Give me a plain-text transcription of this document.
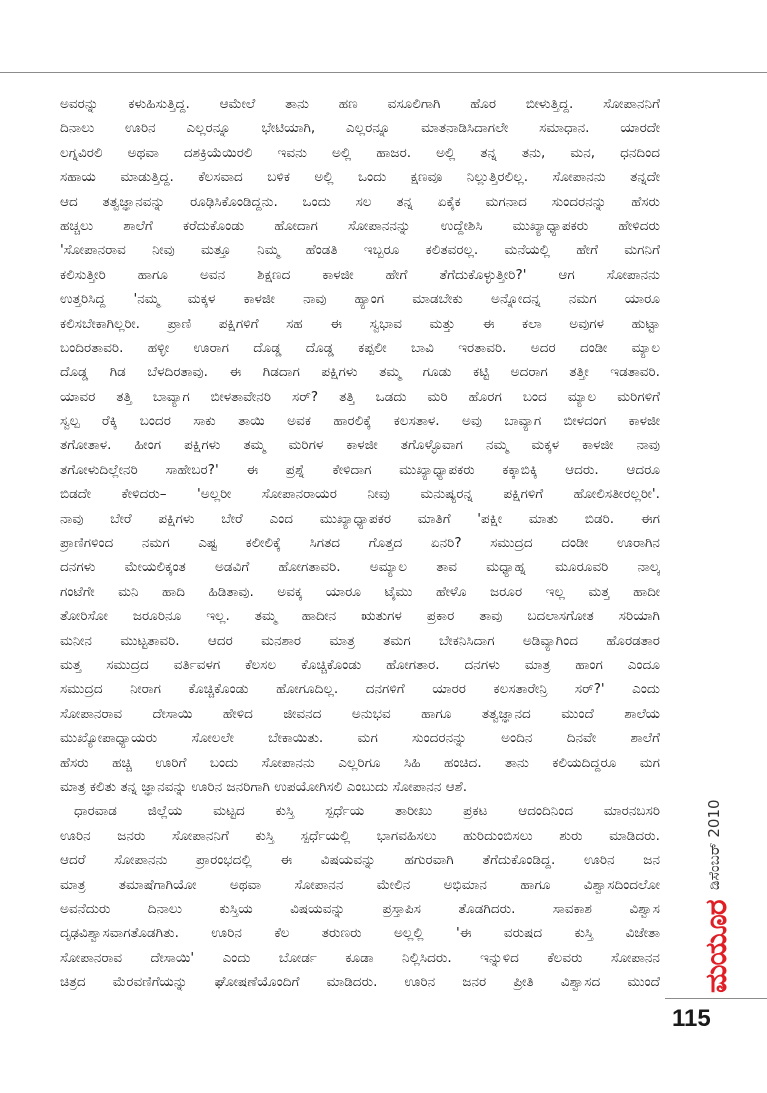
ಅವರನ್ನು ಕಳುಹಿಸುತ್ತಿದ್ದ. ಆಮೇಲೆ ತಾನು ಹಣ ವಸೂಲಿಗಾಗಿ ಹೊರ ಬೀಳುತ್ತಿದ್ದ. ಸೋಪಾನನಿಗೆ
ದಿನಾಲು ಊರಿನ ಎಲ್ಲರನ್ನೂ ಭೇಟಿಯಾಗಿ, ಎಲ್ಲರನ್ನೂ ಮಾತನಾಡಿಸಿದಾಗಲೇ ಸಮಾಧಾನ. ಯಾರದೇ
ಲಗ್ನವಿರಲಿ ಅಥವಾ ದಶಕ್ರಿಯೆಯಿರಲಿ ಇವನು ಅಲ್ಲಿ ಹಾಜರ. ಅಲ್ಲಿ ತನ್ನ ತನು, ಮನ, ಧನದಿಂದ
ಸಹಾಯ ಮಾಡುತ್ತಿದ್ದ. ಕೆಲಸವಾದ ಬಳಿಕ ಅಲ್ಲಿ ಒಂದು ಕ್ಷಣವೂ ನಿಲ್ಲುತ್ತಿರಲಿಲ್ಲ. ಸೋಪಾನನು ತನ್ನದೇ
ಆದ ತತ್ವಜ್ಞಾನವನ್ನು ರೂಢಿಸಿಕೊಂಡಿದ್ದನು. ಒಂದು ಸಲ ತನ್ನ ಏಕೈಕ ಮಗನಾದ ಸುಂದರನನ್ನು ಹೆಸರು
ಹಚ್ಚಲು ಶಾಲೆಗೆ ಕರೆದುಕೊಂಡು ಹೋದಾಗ ಸೋಪಾನನನ್ನು ಉದ್ದೇಶಿಸಿ ಮುಖ್ಯಾಧ್ಯಾಪಕರು ಹೇಳಿದರು
'ಸೋಪಾನರಾವ ನೀವು ಮತ್ತೂ ನಿಮ್ಮ ಹೆಂಡತಿ ಇಬ್ಬರೂ ಕಲಿತವರಲ್ಲ. ಮನೆಯಲ್ಲಿ ಹೇಗೆ ಮಗನಿಗೆ
ಕಲಿಸುತ್ತೀರಿ ಹಾಗೂ ಅವನ ಶಿಕ್ಷಣದ ಕಾಳಜೀ ಹೇಗೆ ತೆಗೆದುಕೊಳ್ಳುತ್ತೀರಿ?' ಆಗ ಸೋಪಾನನು
ಉತ್ತರಿಸಿದ್ದ 'ನಮ್ಮ ಮಕ್ಕಳ ಕಾಳಜೀ ನಾವು ಹ್ಯಾಂಗ ಮಾಡಬೇಕು ಅನ್ನೋದನ್ನ ನಮಗ ಯಾರೂ
ಕಲಿಸಬೇಕಾಗಿಲ್ಲರೀ. ಪ್ರಾಣಿ ಪಕ್ಷಿಗಳಿಗೆ ಸಹ ಈ ಸ್ವಭಾವ ಮತ್ತು ಈ ಕಲಾ ಅವುಗಳ ಹುಟ್ಟಾ
ಬಂದಿರತಾವರಿ. ಹಳ್ಳೀ ಊರಾಗ ದೊಡ್ಡ ದೊಡ್ಡ ಕಪ್ಪಲೀ ಬಾವಿ ಇರತಾವರಿ. ಅದರ ದಂಡೀ ಮ್ಯಾಲ
ದೊಡ್ಡ ಗಿಡ ಬೆಳದಿರತಾವು. ಈ ಗಿಡದಾಗ ಪಕ್ಷಿಗಳು ತಮ್ಮ ಗೂಡು ಕಟ್ಟಿ ಅದರಾಗ ತತ್ತೀ ಇಡತಾವರಿ.
ಯಾವರ ತತ್ತಿ ಬಾವ್ಯಾಗ ಬೀಳತಾವೇನರಿ ಸರ್? ತತ್ತಿ ಒಡದು ಮರಿ ಹೊರಗ ಬಂದ ಮ್ಯಾಲ ಮರಿಗಳಿಗೆ
ಸ್ವಲ್ಪ ರೆಕ್ಕಿ ಬಂದರ ಸಾಕು ತಾಯಿ ಅವಕ ಹಾರಲಿಕ್ಕೆ ಕಲಸತಾಳ. ಅವು ಬಾವ್ಯಾಗ ಬೀಳದಂಗ ಕಾಳಜೀ
ತಗೋತಾಳ. ಹೀಂಗ ಪಕ್ಷಿಗಳು ತಮ್ಮ ಮರಿಗಳ ಕಾಳಜೀ ತಗೊಳ್ಳೊವಾಗ ನಮ್ಮ ಮಕ್ಕಳ ಕಾಳಜೀ ನಾವು
ತಗೋಳುದಿಲ್ಲೇನರಿ ಸಾಹೇಬರ?' ಈ ಪ್ರಶ್ನೆ ಕೇಳಿದಾಗ ಮುಖ್ಯಾಧ್ಯಾಪಕರು ಕಕ್ಕಾಬಿಕ್ಕಿ ಆದರು. ಆದರೂ
ಬಿಡದೇ ಕೇಳಿದರು– 'ಅಲ್ಲರೀ ಸೋಪಾನರಾಯರ ನೀವು ಮನುಷ್ಯರನ್ನ ಪಕ್ಷಿಗಳಿಗೆ ಹೋಲಿಸತೀರಲ್ಲರೀ'.
ನಾವು ಬೇರೆ ಪಕ್ಷಿಗಳು ಬೇರೆ ಎಂದ ಮುಖ್ಯಾಧ್ಯಾಪಕರ ಮಾತಿಗೆ 'ಪಕ್ಷೀ ಮಾತು ಬಿಡರಿ. ಈಗ
ಪ್ರಾಣಿಗಳಿಂದ ನಮಗ ಎಷ್ಟ ಕಲೀಲಿಕ್ಕೆ ಸಿಗತದ ಗೊತ್ತದ ಏನರಿ? ಸಮುದ್ರದ ದಂಡೀ ಊರಾಗಿನ
ದನಗಳು ಮೇಯಲಿಕ್ಕಂತ ಅಡವಿಗೆ ಹೋಗತಾವರಿ. ಅಮ್ಯಾಲ ತಾವ ಮಧ್ಯಾಹ್ನ ಮೂರೂವರಿ ನಾಲ್ಕ
ಗಂಟೆಗೇ ಮನಿ ಹಾದಿ ಹಿಡಿತಾವು. ಅವಕ್ಕ ಯಾರೂ ಟೈಮು ಹೇಳೊ ಜರೂರ ಇಲ್ಲ ಮತ್ತ ಹಾದೀ
ತೋರಿಸೋ ಜರೂರಿನೂ ಇಲ್ಲ. ತಮ್ಮ ಹಾದೀನ ಋತುಗಳ ಪ್ರಕಾರ ತಾವು ಬದಲಾಸಗೋತ ಸರಿಯಾಗಿ
ಮನೀನ ಮುಟ್ಟತಾವರಿ. ಆದರ ಮನಶಾರ ಮಾತ್ರ ತಮಗ ಬೇಕನಿಸಿದಾಗ ಅಡಿವ್ಯಾಗಿಂದ ಹೊರಡತಾರ
ಮತ್ತ ಸಮುದ್ರದ ವರ್ತಿವಳಗ ಕೆಲಸಲ ಕೊಚ್ಚಿಕೊಂಡು ಹೋಗತಾರ. ದನಗಳು ಮಾತ್ರ ಹಾಂಗ ಎಂದೂ
ಸಮುದ್ರದ ನೀರಾಗ ಕೊಚ್ಚಿಕೊಂಡು ಹೋಗೂದಿಲ್ಲ. ದನಗಳಿಗೆ ಯಾರರ ಕಲಸತಾರೇನ್ರಿ ಸರ್?' ಎಂದು
ಸೋಪಾನರಾವ ದೇಸಾಯಿ ಹೇಳಿದ ಜೀವನದ ಅನುಭವ ಹಾಗೂ ತತ್ವಜ್ಞಾನದ ಮುಂದೆ ಶಾಲೆಯ
ಮುಖ್ಯೋಪಾಧ್ಯಾಯರು ಸೋಲಲೇ ಬೇಕಾಯಿತು. ಮಗ ಸುಂದರನನ್ನು ಅಂದಿನ ದಿನವೇ ಶಾಲೆಗೆ
ಹೆಸರು ಹಚ್ಚಿ ಊರಿಗೆ ಬಂದು ಸೋಪಾನನು ಎಲ್ಲರಿಗೂ ಸಿಹಿ ಹಂಚಿದ. ತಾನು ಕಲಿಯದಿದ್ದರೂ ಮಗ
ಮಾತ್ರ ಕಲಿತು ತನ್ನ ಜ್ಞಾನವನ್ನು ಊರಿನ ಜನರಿಗಾಗಿ ಉಪಯೋಗಿಸಲಿ ಎಂಬುದು ಸೋಪಾನನ ಆಶೆ.
ಧಾರವಾಡ ಜಿಲ್ಲೆಯ ಮಟ್ಟದ ಕುಸ್ತಿ ಸ್ಪರ್ಧೆಯ ತಾರೀಖು ಪ್ರಕಟ ಆದಂದಿನಿಂದ ಮಾರನಬಸರಿ
ಊರಿನ ಜನರು ಸೋಪಾನನಿಗೆ ಕುಸ್ತಿ ಸ್ಪರ್ಧೆಯಲ್ಲಿ ಭಾಗವಹಿಸಲು ಹುರಿದುಂಬಿಸಲು ಶುರು ಮಾಡಿದರು.
ಆದರೆ ಸೋಪಾನನು ಪ್ರಾರಂಭದಲ್ಲಿ ಈ ವಿಷಯವನ್ನು ಹಗುರವಾಗಿ ತೆಗೆದುಕೊಂಡಿದ್ದ. ಊರಿನ ಜನ
ಮಾತ್ರ ತಮಾಷೆಗಾಗಿಯೋ ಅಥವಾ ಸೋಪಾನನ ಮೇಲಿನ ಅಭಿಮಾನ ಹಾಗೂ ವಿಶ್ವಾಸದಿಂದಲೋ
ಅವನೆದುರು ದಿನಾಲು ಕುಸ್ತಿಯ ವಿಷಯವನ್ನು ಪ್ರಸ್ತಾಪಿಸ ತೊಡಗಿದರು. ಸಾವಕಾಶ ವಿಶ್ವಾಸ
ದೃಢವಿಶ್ವಾಸವಾಗತೊಡಗಿತು. ಊರಿನ ಕೆಲ ತರುಣರು ಅಲ್ಲಲ್ಲಿ 'ಈ ವರುಷದ ಕುಸ್ತಿ ವಿಜೇತಾ
ಸೋಪಾನರಾವ ದೇಸಾಯಿ' ಎಂದು ಬೋರ್ಡ ಕೂಡಾ ನಿಲ್ಲಿಸಿದರು. ಇನ್ನುಳಿದ ಕೆಲವರು ಸೋಪಾನನ
ಚಿತ್ರದ ಮೆರವಣಿಗೆಯನ್ನು ಘೋಷಣೆಯೊಂದಿಗೆ ಮಾಡಿದರು. ಊರಿನ ಜನರ ಪ್ರೀತಿ ವಿಶ್ವಾಸದ ಮುಂದೆ
ಡಿಸೆಂಬರ್ 2010
ಮಯೂರ
115
